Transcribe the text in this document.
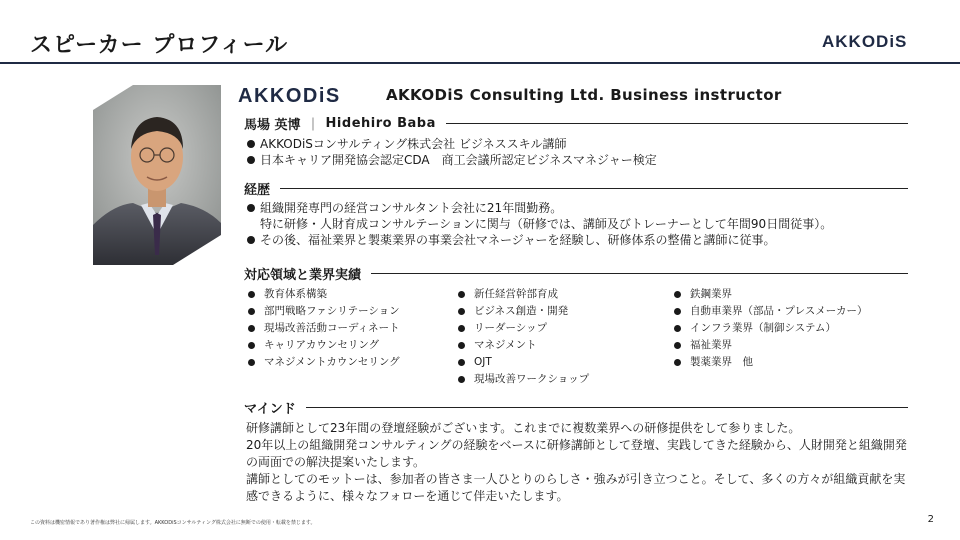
スピーカー プロフィール	AKKODiS
AKKODiS	AKKODiS Consulting Ltd. Business instructor
馬場 英博 ｜ Hidehiro Baba
AKKODiSコンサルティング株式会社 ビジネススキル講師
日本キャリア開発協会認定CDA　商工会議所認定ビジネスマネジャー検定
経歴
組織開発専門の経営コンサルタント会社に21年間勤務。
特に研修・人財育成コンサルテーションに関与（研修では、講師及びトレーナーとして年間90日間従事）。
その後、福祉業界と製薬業界の事業会社マネージャーを経験し、研修体系の整備と講師に従事。
対応領域と業界実績
教育体系構築
部門戦略ファシリテーション
現場改善活動コーディネート
キャリアカウンセリング
マネジメントカウンセリング
新任経営幹部育成
ビジネス創造・開発
リーダーシップ
マネジメント
OJT
現場改善ワークショップ
鉄鋼業界
自動車業界（部品・プレスメーカー）
インフラ業界（制御システム）
福祉業界
製薬業界　他
マインド

研修講師として23年間の登壇経験がございます。これまでに複数業界への研修提供をして参りました。

20年以上の組織開発コンサルティングの経験をベースに研修講師として登壇、実践してきた経験から、人財開発と組織開発の両面での解決提案いたします。

講師としてのモットーは、参加者の皆さま一人ひとりのらしさ・強みが引き立つこと。そして、多くの方々が組織貢献を実感できるように、様々なフォローを通じて伴走いたします。

この資料は機密情報であり著作権は弊社に帰属します。AKKODiSコンサルティング株式会社に無断での使用・転載を禁じます。	2
